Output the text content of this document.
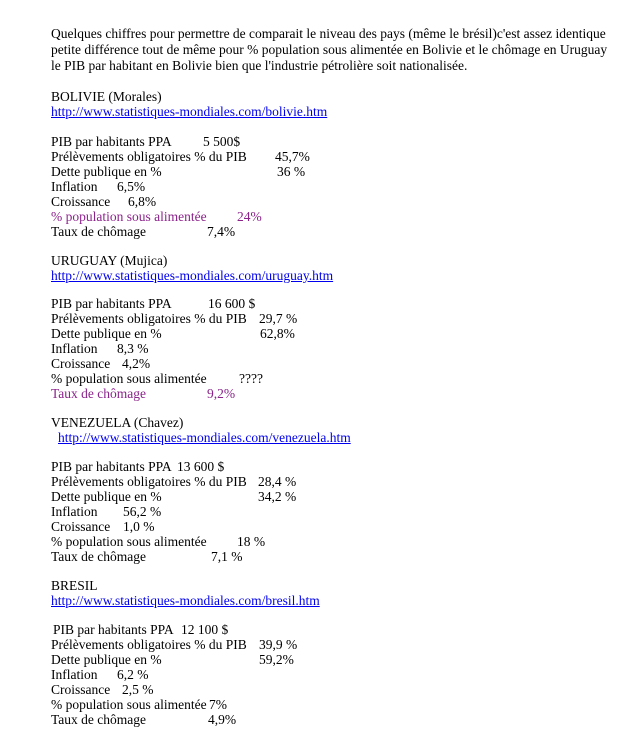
Quelques chiffres pour permettre de comparait le niveau des pays (même le brésil)c'est assez identique petite différence tout de même pour % population sous alimentée en Bolivie et le chômage en Uruguay le PIB par habitant en Bolivie bien que l'industrie pétrolière soit nationalisée.

BOLIVIE (Morales)
http://www.statistiques-mondiales.com/bolivie.htm
PIB par habitants PPA 5 500$
Prélèvements obligatoires % du PIB 45,7%
Dette publique en %	36 %
Inflation 6,5%
Croissance 6,8%
% population sous alimentée 24%
Taux de chômage	7,4%
URUGUAY (Mujica)
http://www.statistiques-mondiales.com/uruguay.htm
PIB par habitants PPA	16 600 $
Prélèvements obligatoires % du PIB 29,7 %
Dette publique en %	62,8%
Inflation 8,3 %
Croissance 4,2%
% population sous alimentée ????
Taux de chômage	9,2%
VENEZUELA (Chavez)
http://www.statistiques-mondiales.com/venezuela.htm
PIB par habitants PPA 13 600 $
Prélèvements obligatoires % du PIB 28,4 %
Dette publique en %	34,2 %
Inflation 56,2 %
Croissance 1,0 %
% population sous alimentée 18 %
Taux de chômage	7,1 %
BRESIL
http://www.statistiques-mondiales.com/bresil.htm
PIB par habitants PPA 12 100 $
Prélèvements obligatoires % du PIB 39,9 %
Dette publique en %	59,2%
Inflation 6,2 %
Croissance 2,5 %
% population sous alimentée 7%
Taux de chômage	4,9%
